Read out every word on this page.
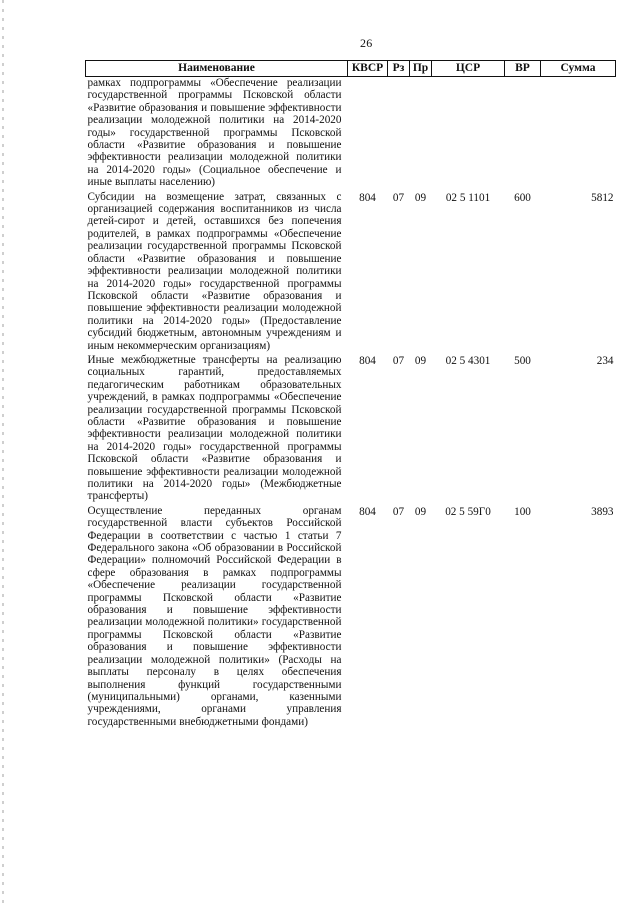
26
Наименование	КВСР	Рз	Пр	ЦСР	ВР	Сумма
рамках подпрограммы «Обеспечение реализации государственной программы Псковской области «Развитие образования и повышение эффективности реализации молодежной политики на 2014-2020 годы» государственной программы Псковской области «Развитие образования и повышение эффективности реализации молодежной политики на 2014-2020 годы» (Социальное обеспечение и иные выплаты населению)						

Субсидии на возмещение затрат, связанных с организацией содержания воспитанников из числа детей-сирот и детей, оставшихся без попечения родителей, в рамках подпрограммы «Обеспечение реализации государственной программы Псковской области «Развитие образования и повышение эффективности реализации молодежной политики на 2014-2020 годы» государственной программы Псковской области «Развитие образования и повышение эффективности реализации молодежной политики на 2014-2020 годы» (Предоставление субсидий бюджетным, автономным учреждениям и иным некоммерческим организациям)	804	07	09	02 5 1101	600	5812

Иные межбюджетные трансферты на реализацию социальных гарантий, предоставляемых педагогическим работникам образовательных учреждений, в рамках подпрограммы «Обеспечение реализации государственной программы Псковской области «Развитие образования и повышение эффективности реализации молодежной политики на 2014-2020 годы» государственной программы Псковской области «Развитие образования и повышение эффективности реализации молодежной политики на 2014-2020 годы» (Межбюджетные трансферты)	804	07	09	02 5 4301	500	234

Осуществление переданных органам государственной власти субъектов Российской Федерации в соответствии с частью 1 статьи 7 Федерального закона «Об образовании в Российской Федерации» полномочий Российской Федерации в сфере образования в рамках подпрограммы «Обеспечение реализации государственной программы Псковской области «Развитие образования и повышение эффективности реализации молодежной политики» государственной программы Псковской области «Развитие образования и повышение эффективности реализации молодежной политики» (Расходы на выплаты персоналу в целях обеспечения выполнения функций государственными (муниципальными) органами, казенными учреждениями, органами управления государственными внебюджетными фондами)	804	07	09	02 5 59Г0	100	3893
